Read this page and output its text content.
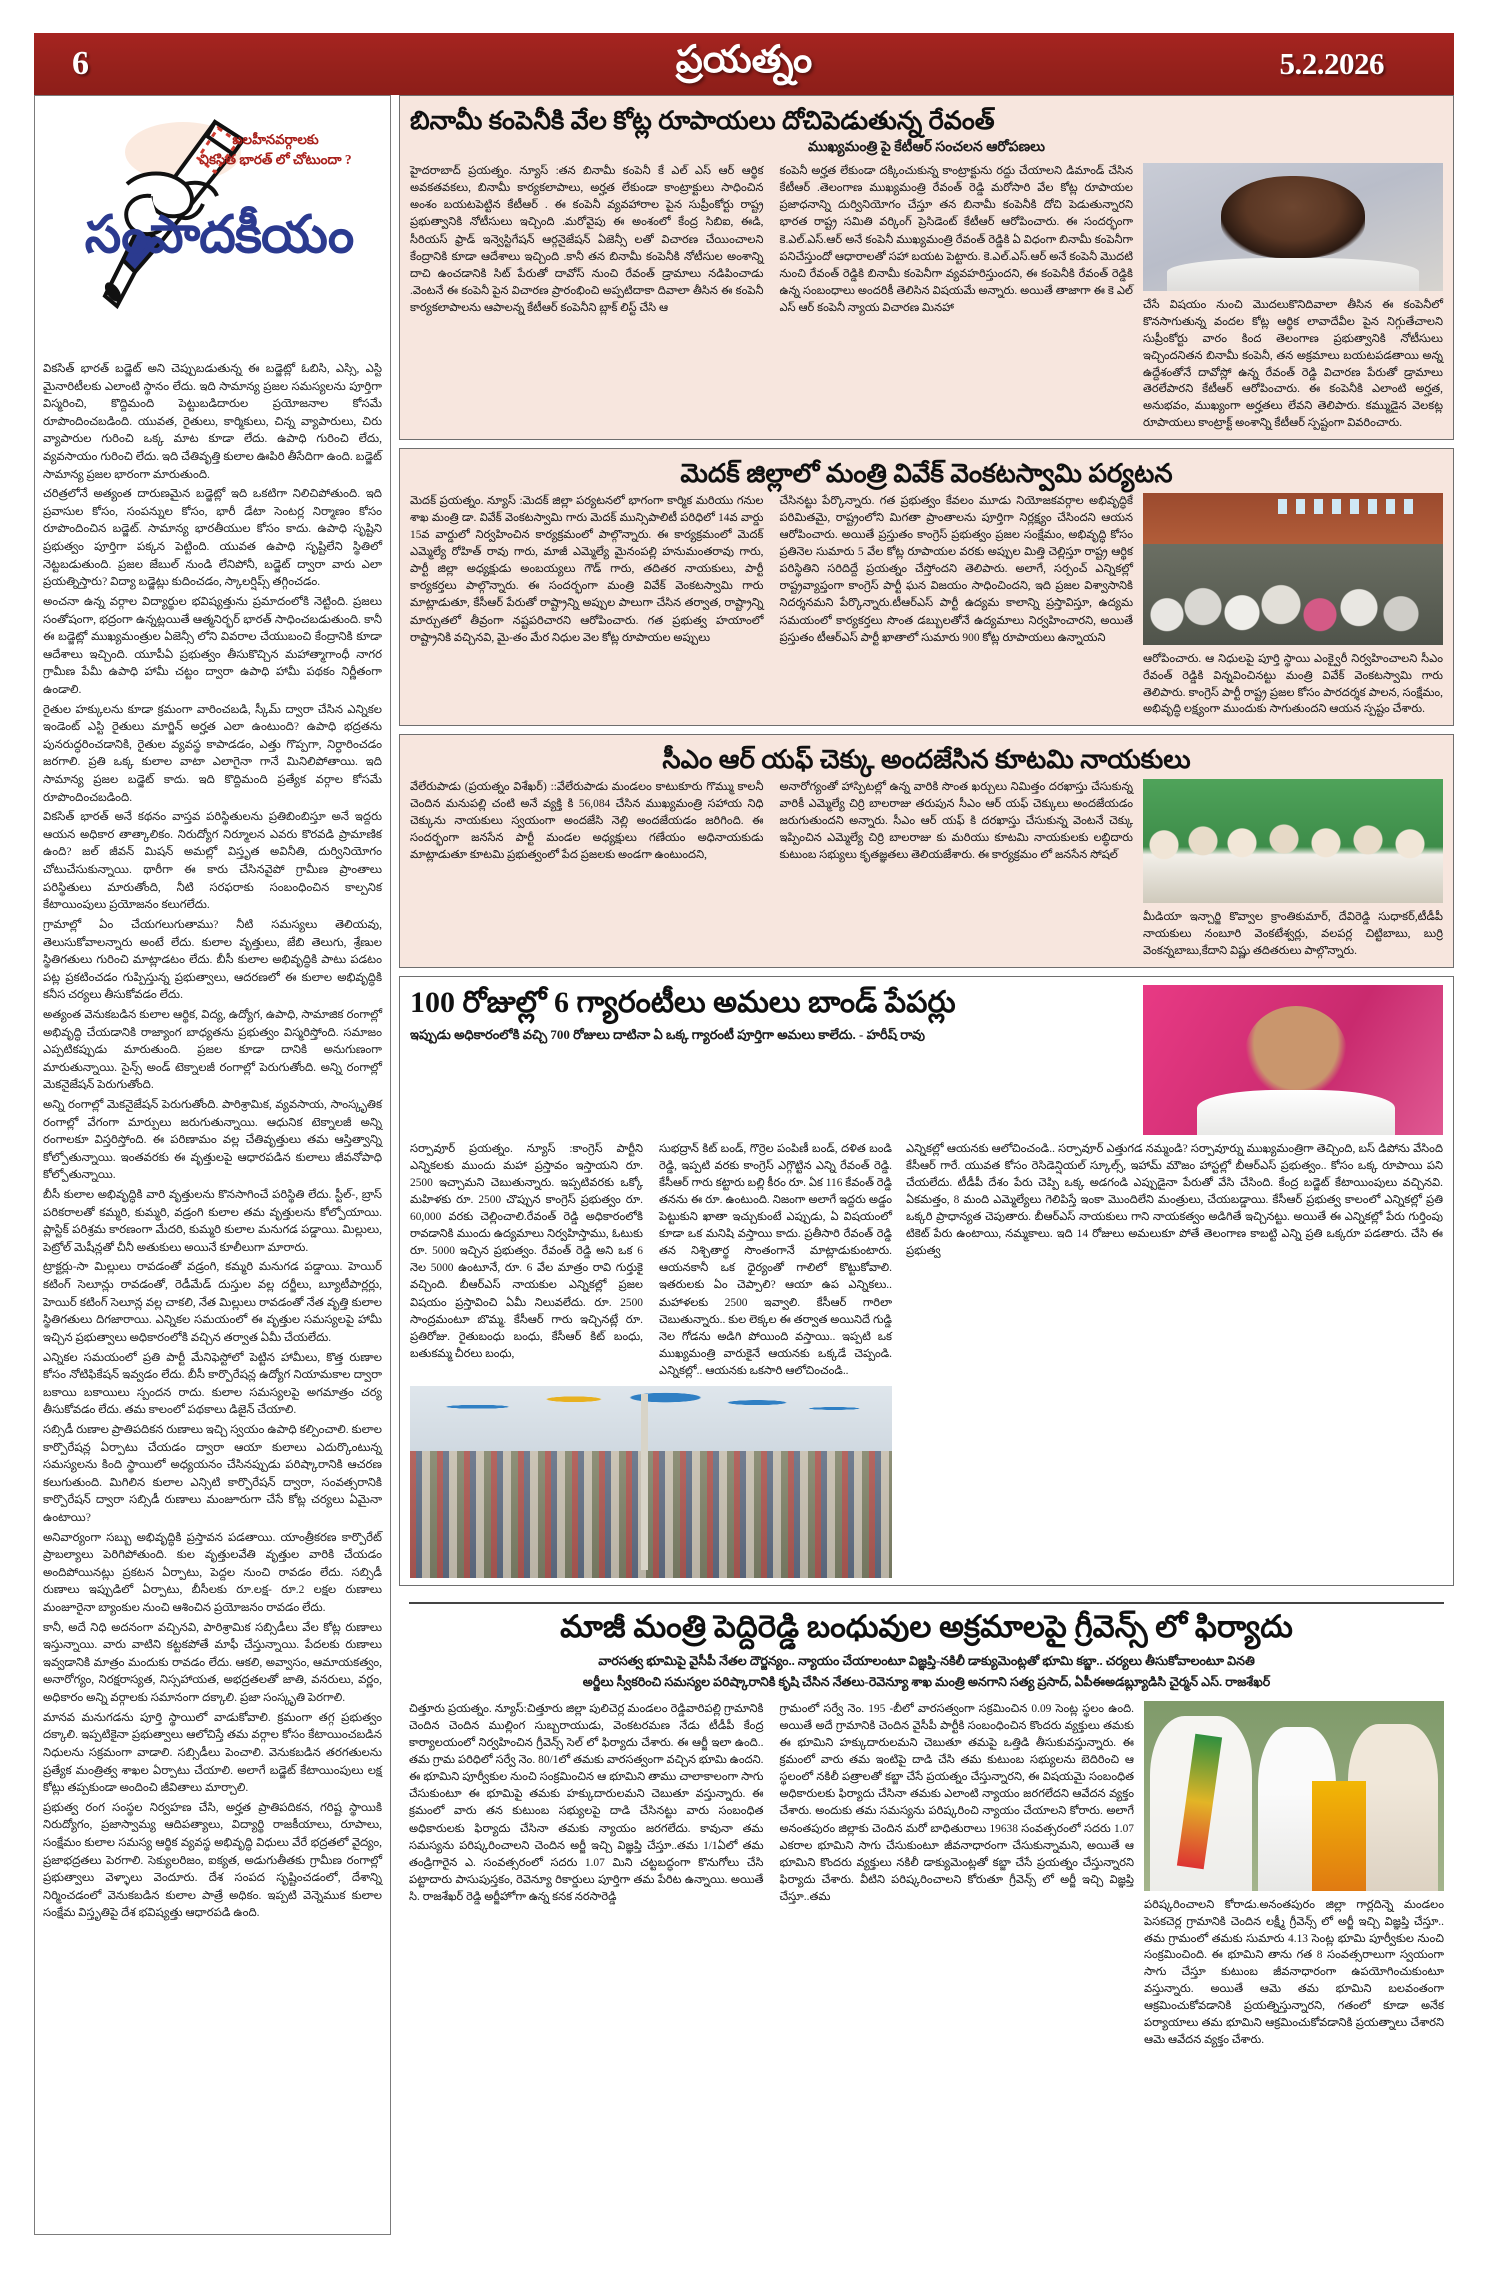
6	ప్రయత్నం	5.2.2026
బలహీనవర్గాలకు
వికసిత భారత్ లో చోటుందా ?
సంపాదకీయం

వికసిత్ భారత్ బడ్జెట్ అని చెప్పుబడుతున్న ఈ బడ్జెట్లో ఓబిసి, ఎస్సి, ఎస్టి మైనారిటీలకు ఎలాంటి స్థానం లేదు. ఇది సామాన్య ప్రజల సమస్యలను పూర్తిగా విస్మరించి, కొద్దిమంది పెట్టుబడిదారుల ప్రయోజనాల కోసమే రూపొందించబడింది. యువత, రైతులు, కార్మికులు, చిన్న వ్యాపారులు, చిరు వ్యాపారుల గురించి ఒక్క మాట కూడా లేదు. ఉపాధి గురించి లేదు, వ్యవసాయం గురించి లేదు. ఇది చేతివృత్తి కులాల ఊపిరి తీసేదిగా ఉంది. బడ్జెట్ సామాన్య ప్రజల భారంగా మారుతుంది.

చరిత్రలోనే అత్యంత దారుణమైన బడ్జెట్లో ఇది ఒకటిగా నిలిచిపోతుంది. ఇది ప్రవాసుల కోసం, సంపన్నుల కోసం, భారీ డేటా సెంటర్ల నిర్మాణం కోసం రూపొందించిన బడ్జెట్. సామాన్య భారతీయుల కోసం కాదు. ఉపాధి సృష్టిని ప్రభుత్వం పూర్తిగా పక్కన పెట్టింది. యువత ఉపాధి సృష్టిలేని స్థితిలో నెట్టబడుతుంది. ప్రజల జేబుల్ నుండి లేనిపోనీ, బడ్జెట్ ద్వారా వారు ఎలా ప్రయత్నిస్తారు? విద్యా బడ్జెట్లు కుదించడం, స్కాలర్షిప్స్ తగ్గించడం.

అంచనా ఉన్న వర్గాల విద్యార్థుల భవిష్యత్తును ప్రమాదంలోకి నెట్టింది. ప్రజలు సంతోషంగా, భద్రంగా ఉన్నట్లయితే ఆత్మనిర్భర్ భారత్ సాధించబడుతుంది. కానీ ఈ బడ్జెట్లో ముఖ్యమంత్రుల ఏజెన్సీ లోని వివరాల చేయుబంచి కేంద్రానికి కూడా ఆదేశాలు ఇచ్చింది. యూపీఏ ప్రభుత్వం తీసుకొచ్చిన మహాత్మాగాంధీ నాగర గ్రామీణ పేమీ ఉపాధి హామీ చట్టం ద్వారా ఉపాధి హామీ పథకం నిర్ణీతంగా ఉండాలి.

రైతుల హక్కులను కూడా క్రమంగా వారించబడి, స్కీమ్ ద్వారా చేసిన ఎన్నికల ఇండెంట్ ఎస్టి రైతులు మార్జిన్ అర్హత ఎలా ఉంటుంది? ఉపాధి భద్రతను పునరుద్ధరించడానికి, రైతుల వ్యవస్థ కాపాడడం, ఎత్తు గొప్పగా, నిర్ధారించడం జరగాలి. ప్రతి ఒక్క కులాల వాటా ఎలాగైనా గానే మినిలిపోతాయి. ఇది సామాన్య ప్రజల బడ్జెట్ కాదు. ఇది కొద్దిమంది ప్రత్యేక వర్గాల కోసమే రూపొందించబడింది.

వికసిత్ భారత్ అనే కథనం వాస్తవ పరిస్థితులను ప్రతిబింబిస్తూ అనే ఇద్దరు ఆయన అధికార తాత్కాలికం. నిరుద్యోగ నిర్మూలన ఎవరు కొరవడి ప్రామాణిక ఉంది? జల్ జీవన్ మిషన్ అమల్లో విస్తృత అవినీతి, దుర్వినియోగం చోటుచేసుకున్నాయి. థారీగా ఈ కారు చేసినవైపో గ్రామీణ ప్రాంతాలు పరిస్థితులు మారుతోంది, నీటి సరఫరాకు సంబంధించిన కాల్పనిక కేటాయింపులు ప్రయోజనం కలుగలేదు.

గ్రామాల్లో ఏం చేయగలుగుతాము? నీటి సమస్యలు తెలియవు, తెలుసుకోవాలన్నారు అంటే లేదు. కులాల వృత్తులు, జేబి తెలుగు, శ్రేణుల స్థితిగతులు గురించి మాట్లాడటం లేదు. బీసీ కులాల అభివృద్ధికి పాటు పడటం పట్ల ప్రకటించడం గుప్పిస్తున్న ప్రభుత్వాలు, ఆదరణలో ఈ కులాల అభివృద్ధికి కనీస చర్యలు తీసుకోవడం లేదు.

అత్యంత వెనుకబడిన కులాల ఆర్థిక, విద్య, ఉద్యోగ, ఉపాధి, సామాజిక రంగాల్లో అభివృద్ధి చేయడానికి రాజ్యాంగ బాధ్యతను ప్రభుత్వం విస్మరిస్తోంది. సమాజం ఎప్పటికప్పుడు మారుతుంది. ప్రజల కూడా దానికి అనుగుణంగా మారుతున్నాయి. సైన్స్ అండ్ టెక్నాలజీ రంగాల్లో పెరుగుతోంది. అన్ని రంగాల్లో మెకనైజేషన్ పెరుగుతోంది.

అన్ని రంగాల్లో మెకనైజేషన్ పెరుగుతోంది. పారిశ్రామిక, వ్యవసాయ, సాంస్కృతిక రంగాల్లో వేగంగా మార్పులు జరుగుతున్నాయి. ఆధునిక టెక్నాలజీ అన్ని రంగాలకూ విస్తరిస్తోంది. ఈ పరిణామం వల్ల చేతివృత్తులు తమ ఆస్తిత్వాన్ని కోల్పోతున్నాయి. ఇంతవరకు ఈ వృత్తులపై ఆధారపడిన కులాలు జీవనోపాధి కోల్పోతున్నాయి.

బీసీ కులాల అభివృద్ధికి వారి వృత్తులను కొనసాగించే పరిస్థితి లేదు. స్టీల్-, బ్రాస్ పరికరాలతో కమ్మరి, కుమ్మరి, వడ్రంగి కులాల తమ వృత్తులను కోల్పోయాయి. ప్లాస్టిక్ పరిశ్రమ కారణంగా మేదరి, కుమ్మరి కులాల మనుగడ పడ్డాయి. మిల్లులు, పెట్రోల్ మెషీన్లతో చీనీ అతుకులు అయినే కూలీలుగా మారారు.

ట్రాక్టర్లు-సా మిల్లులు రావడంతో వడ్రంగి, కమ్మరి మనుగడ పడ్డాయి. హెయిర్ కటింగ్ సెలూన్లు రావడంతో, రెడీమేడ్ దుస్తుల వల్ల దర్జీలు, బ్యూటీపార్లర్లు, హెయిర్ కటింగ్ సెలూన్ల వల్ల చాకలి, నేత మిల్లులు రావడంతో నేత వృత్తి కులాల స్థితిగతులు దిగజారాయి. ఎన్నికల సమయంలో ఈ వృత్తుల సమస్యలపై హామీ ఇచ్చిన ప్రభుత్వాలు అధికారంలోకి వచ్చిన తర్వాత ఏమీ చేయలేదు.

ఎన్నికల సమయంలో ప్రతి పార్టీ మేనిఫెస్టోలో పెట్టిన హామీలు, కొత్త రుణాల కోసం నోటిఫికేషన్ ఇవ్వడం లేదు. బీసీ కార్పొరేషన్ల ఉద్యోగ నియామకాల ద్వారా బకాయి బకాయిలు స్పందన రాదు. కులాల సమస్యలపై అగమాత్రం చర్య తీసుకోవడం లేదు. తమ కాలంలో పథకాలు డిజైన్ చేయాలి.

సబ్సిడీ రుణాల ప్రాతిపదికన రుణాలు ఇచ్చి స్వయం ఉపాధి కల్పించాలి. కులాల కార్పొరేషన్ల ఏర్పాటు చేయడం ద్వారా ఆయా కులాలు ఎదుర్కొంటున్న సమస్యలను కింది స్థాయిలో అధ్యయనం చేసినప్పుడు పరిష్కారానికి ఆచరణ కలుగుతుంది. మిగిలిన కులాల ఎన్సిటి కార్పొరేషన్ ద్వారా, సంవత్సరానికి కార్పొరేషన్ ద్వారా సబ్సిడీ రుణాలు మంజూరుగా చేసే కోట్ల చర్యలు ఏమైనా ఉంటాయి?

అనివార్యంగా సబ్బు అభివృద్ధికి ప్రస్తావన పడతాయి. యాంత్రీకరణ కార్పొరేట్ ప్రాబల్యాలు పెరిగిపోతుంది. కుల వృత్తులవేతి వృత్తుల వారికి చేయడం అందిపోయినట్లు ప్రకటన ఏర్పాటు, పెద్దల నుంచి రావడం లేదు. సబ్సిడీ రుణాలు ఇప్పుడిలో ఏర్పాటు, బీసీలకు రూ.లక్ష- రూ.2 లక్షల రుణాలు మంజూరైనా బ్యాంకుల నుంచి ఆశించిన ప్రయోజనం రావడం లేదు.

కానీ, అదే నిధి అదనంగా వచ్చినవి, పారిశ్రామిక సబ్సిడీలు వేల కోట్ల రుణాలు ఇస్తున్నాయి. వారు వాటిని కట్టకపోతే మాఫీ చేస్తున్నాయి. పేదలకు రుణాలు ఇవ్వడానికి మాత్రం మందుకు రావడం లేదు. ఆకలి, అవ్వాసం, ఆమాయకత్వం, అనారోగ్యం, నిరక్షరాస్యత, నిస్సహాయత, అభద్రతలతో జాతి, వనరులు, వర్ణం, అధికారం అన్ని వర్గాలకు సమానంగా దక్కాలి. ప్రజా సంస్కృతి పెరగాలి.

మానవ మనుగడను పూర్తి స్థాయిలో వాడుకోవాలి. క్రమంగా తగ్గ ప్రభుత్వం దక్కాలి. ఇప్పటికైనా ప్రభుత్వాలు ఆలోచిస్తే తమ వర్గాల కోసం కేటాయించబడిన నిధులను సక్రమంగా వాడాలి. సబ్సిడీలు పెంచాలి. వెనుకబడిన తరగతులను ప్రత్యేక మంత్రిత్వ శాఖల ఏర్పాటు చేయాలి. అలాగే బడ్జెట్ కేటాయింపులు లక్ష కోట్లు తప్పకుండా అందించి జీవితాలు మార్చాలి.

ప్రభుత్వ రంగ సంస్థల నిర్వహణ చేసి, అర్హత ప్రాతిపదికన, గరిష్ట స్థాయికి నిరుద్యోగం, ప్రజాస్వామ్య ఆదిపత్యాలు, విద్యార్థి రాజకీయాలు, రూపాలు, సంక్షేమం కులాల సమస్య ఆర్థిక వ్యవస్థ అభివృద్ధి విధులు వేరే భద్రతలో వైద్యం, ప్రజాభద్రతలు పెరగాలి. సెక్యులరిజం, ఐక్యత, అడుగుతీతకు గ్రామీణ రంగాల్లో ప్రభుత్వాలు వెళ్ళాలు వెందూరు. దేశ సంపద సృష్టించడంలో, దేశాన్ని నిర్మించడంలో వెనుకబడిన కులాల పాత్రే అధికం. ఇప్పటి వెన్నెముక కులాల సంక్షేమ విస్తృతిపై దేశ భవిష్యత్తు ఆధారపడి ఉంది.

బినామీ కంపెనీకి వేల కోట్ల రూపాయలు దోచిపెడుతున్న రేవంత్
ముఖ్యమంత్రి పై కేటీఆర్ సంచలన ఆరోపణలు

హైదరాబాద్ ప్రయత్నం. న్యూస్ :తన బినామీ కంపెనీ కే ఎల్ ఎస్ ఆర్ ఆర్థిక అవకతవకలు, బినామీ కార్యకలాపాలు, అర్హత లేకుండా కాంట్రాక్టులు సాధించిన అంశం బయటపెట్టిన కేటీఆర్ . ఈ కంపెనీ వ్యవహారాల పైన సుప్రీంకోర్టు రాష్ట్ర ప్రభుత్వానికి నోటీసులు ఇచ్చింది .మరోవైపు ఈ అంశంలో కేంద్ర సిబిఐ, ఈడి, సీరియస్ ఫ్రాడ్ ఇన్వెస్టిగేషన్ ఆర్గనైజేషన్ ఏజెన్సీ లతో విచారణ చేయించాలని కేంద్రానికి కూడా ఆదేశాలు ఇచ్చింది .కానీ తన బినామీ కంపెనీకి నోటీసుల అంశాన్ని దాచి ఉంచడానికి సిట్ పేరుతో దావోస్ నుంచి రేవంత్ డ్రామాలు నడిపించాడు .వెంటనే ఈ కంపెనీ పైన విచారణ ప్రారంభించి అప్పటిదాకా దివాలా తీసిన ఈ కంపెనీ కార్యకలాపాలను ఆపాలన్న కేటీఆర్ కంపెనీని బ్లాక్ లిస్ట్ చేసి ఆ

కంపెనీ అర్హత లేకుండా దక్కించుకున్న కాంట్రాక్టును రద్దు చేయాలని డిమాండ్ చేసిన కేటీఆర్ .తెలంగాణ ముఖ్యమంత్రి రేవంత్ రెడ్డి మరోసారి వేల కోట్ల రూపాయల ప్రజాధనాన్ని దుర్వినియోగం చేస్తూ తన బినామీ కంపెనీకి దోచి పెడుతున్నారని భారత రాష్ట్ర సమితి వర్కింగ్ ప్రెసిడెంట్ కేటీఆర్ ఆరోపించారు. ఈ సందర్భంగా కె.ఎల్.ఎస్.ఆర్ అనే కంపెనీ ముఖ్యమంత్రి రేవంత్ రెడ్డికి ఏ విధంగా బినామీ కంపెనీగా పనిచేస్తుందో ఆధారాలతో సహా బయట పెట్టారు. కె.ఎల్.ఎస్.ఆర్ అనే కంపెనీ మొదటి నుంచి రేవంత్ రెడ్డికి బినామీ కంపెనీగా వ్యవహరిస్తుందని, ఈ కంపెనీకి రేవంత్ రెడ్డికి ఉన్న సంబంధాలు అందరికీ తెలిసిన విషయమే అన్నారు. అయితే తాజాగా ఈ కె ఎల్ ఎస్ ఆర్ కంపెనీ న్యాయ విచారణ మినహా	చేసే విషయం నుంచి మొదలుకొనిదివాలా తీసిన ఈ కంపెనీలో కొనసాగుతున్న వందల కోట్ల ఆర్థిక లావాదేవీల పైన నిగ్గుతేచాలని సుప్రీంకోర్టు వారం కింద తెలంగాణ ప్రభుత్వానికి నోటీసులు ఇచ్చిందనితన బినామీ కంపెనీ, తన అక్రమాలు బయటపడతాయి అన్న ఉద్దేశంతోనే దావోస్లో ఉన్న రేవంత్ రెడ్డి విచారణ పేరుతో డ్రామాలు తెరలేపారని కేటీఆర్ ఆరోపించారు. ఈ కంపెనీకి ఎలాంటి అర్హత, అనుభవం, ముఖ్యంగా అర్హతలు లేవని తెలిపారు. కమ్ముడైన వెలకట్ల రూపాయలు కాంట్రాక్ట్ అంశాన్ని కేటీఆర్ స్పష్టంగా వివరించారు.
మెదక్ జిల్లాలో మంత్రి వివేక్ వెంకటస్వామి పర్యటన

మెదక్ ప్రయత్నం. న్యూస్ :మెదక్ జిల్లా పర్యటనలో భాగంగా కార్మిక మరియు గనుల శాఖ మంత్రి డా. వివేక్ వెంకటస్వామి గారు మెదక్ మున్సిపాలిటీ పరిధిలో 14వ వార్డు 15వ వార్డులో నిర్వహించిన కార్యక్రమంలో పాల్గొన్నారు. ఈ కార్యక్రమంలో మెదక్ ఎమ్మెల్యే రోహిత్ రావు గారు, మాజీ ఎమ్మెల్యే మైనంపల్లి హనుమంతరావు గారు, పార్టీ జిల్లా అధ్యక్షుడు అంబయ్యలు గౌడ్ గారు, తదితర నాయకులు, పార్టీ కార్యకర్తలు పాల్గొన్నారు. ఈ సందర్భంగా మంత్రి వివేక్ వెంకటస్వామి గారు మాట్లాడుతూ, కేసీఆర్ పేరుతో రాష్ట్రాన్ని అప్పుల పాలుగా చేసిన తర్వాత, రాష్ట్రాన్ని మార్చుతలో తీవ్రంగా నష్టపరిచారని ఆరోపించారు. గత ప్రభుత్వ హయాంలో రాష్ట్రానికి వచ్చినవి, మై-తం మేర నిధుల వెల కోట్ల రూపాయల అప్పులు

చేసినట్టు పేర్కొన్నారు. గత ప్రభుత్వం కేవలం మూడు నియోజకవర్గాల అభివృద్ధికే పరిమితమై, రాష్ట్రంలోని మిగతా ప్రాంతాలను పూర్తిగా నిర్లక్ష్యం చేసిందని ఆయన ఆరోపించారు. అయితే ప్రస్తుతం కాంగ్రెస్ ప్రభుత్వం ప్రజల సంక్షేమం, అభివృద్ధి కోసం ప్రతినెల సుమారు 5 వేల కోట్ల రూపాయల వరకు అప్పుల మిత్తి చెల్లిస్తూ రాష్ట్ర ఆర్థిక పరిస్థితిని సరిదిద్దే ప్రయత్నం చేస్తోందని తెలిపారు. అలాగే, సర్పంచ్ ఎన్నికల్లో రాష్ట్రవ్యాప్తంగా కాంగ్రెస్ పార్టీ ఘన విజయం సాధించిందని, ఇది ప్రజల విశ్వాసానికి నిదర్శనమని పేర్కొన్నారు.టీఆర్ఎస్ పార్టీ ఉద్యమ కాలాన్ని ప్రస్తావిస్తూ, ఉద్యమ సమయంలో కార్యకర్తలు సొంత డబ్బులతోనే ఉద్యమాలు నిర్వహించారని, అయితే ప్రస్తుతం టీఆర్ఎస్ పార్టీ ఖాతాలో సుమారు 900 కోట్ల రూపాయలు ఉన్నాయని

ఆరోపించారు. ఆ నిధులపై పూర్తి స్థాయి ఎంక్వైరీ నిర్వహించాలని సీఎం రేవంత్ రెడ్డికి విన్నవించినట్టు మంత్రి వివేక్ వెంకటస్వామి గారు తెలిపారు. కాంగ్రెస్ పార్టీ రాష్ట్ర ప్రజల కోసం పారదర్శక పాలన, సంక్షేమం, అభివృద్ధి లక్ష్యంగా ముందుకు సాగుతుందని ఆయన స్పష్టం చేశారు.
సీఎం ఆర్ యఫ్ చెక్కు అందజేసిన కూటమి నాయకులు

వేలేరుపాడు (ప్రయత్నం విశేఖర్) ::వేలేరుపాడు మండలం కాటుకూరు గొమ్ము కాలనీ చెందిన మనుపల్లి చంటి అనే వ్యక్తి కి 56,084 చేసిన ముఖ్యమంత్రి సహాయ నిధి చెక్కును నాయకులు స్వయంగా అందజేసి నెల్లి అందజేయడం జరిగింది. ఈ సందర్భంగా జనసేన పార్టీ మండల అధ్యక్షులు గణేయం అధినాయకుడు మాట్లాడుతూ కూటమి ప్రభుత్వంలో పేద ప్రజలకు అండగా ఉంటుందని,

అనారోగ్యంతో హాస్పిటల్లో ఉన్న వారికి సొంత ఖర్చులు నిమిత్తం దరఖాస్తు చేసుకున్న వారికీ ఎమ్మెల్యే చిర్రి బాలరాజు తరుపున సీఎం ఆర్ యఫ్ చెక్కులు అందజేయడం జరుగుతుందని అన్నారు. సీఎం ఆర్ యఫ్ కి దరఖాస్తు చేసుకున్న వెంటనే చెక్కు ఇప్పించిన ఎమ్మెల్యే చిర్రి బాలరాజు కు మరియు కూటమి నాయకులకు లబ్ధిదారు కుటుంబ సభ్యులు కృతజ్ఞతలు తెలియజేశారు. ఈ కార్యక్రమం లో జనసేన సోషల్

మీడియా ఇన్చార్జి కొవ్వాల క్రాంతికుమార్, దేవిరెడ్డి సుధాకర్,టీడీపీ నాయకులు నంబూరి వెంకటేశ్వర్లు, వలపర్ల చిట్టిబాబు, బుర్రి వెంకన్నబాబు,కేదాని విష్ణు తదితరులు పాల్గొన్నారు.
100 రోజుల్లో 6 గ్యారంటీలు అమలు బాండ్ పేపర్లు
ఇప్పుడు అధికారంలోకి వచ్చి 700 రోజులు దాటినా ఏ ఒక్క గ్యారంటీ పూర్తిగా అమలు కాలేదు. - హరీష్ రావు

సర్పావూర్ ప్రయత్నం. న్యూస్ :కాంగ్రెస్ పార్టీని ఎన్నికలకు ముందు మహా ప్రస్తావం ఇస్తాయని రూ. 2500 ఇచ్చామని చెబుతున్నారు. ఇప్పటివరకు ఒక్కో మహిళకు రూ. 2500 చొప్పున కాంగ్రెస్ ప్రభుత్వం రూ. 60,000 వరకు చెల్లించాలి.రేవంత్ రెడ్డి అధికారంలోకి రావడానికి ముందు ఉద్యమాలు నిర్వహిస్తాము, ఓటుకు రూ. 5000 ఇచ్చిన ప్రభుత్వం. రేవంత్ రెడ్డి అని ఒక 6 నెల 5000 ఉంటూనే, రూ. 6 వేల మాత్రం రావి గుర్తుకై వచ్చింది. బీఆర్ఎస్ నాయకుల ఎన్నికల్లో ప్రజల విషయం ప్రస్తావించి ఏమీ నిలువలేదు. రూ. 2500 సాంద్రమంటూ బొమ్మ. కేసీఆర్ గారు ఇచ్చినట్లే రూ. ప్రతిరోజు. రైతుబంధు బంధు, కేసీఆర్ కిట్ బంధు, బతుకమ్మ చీరలు బంధు,

సుభద్రాన్ కిట్ బండ్, గొర్రెల పంపిణీ బండ్, దళిత బండి రెడ్డి, ఇప్పటి వరకు కాంగ్రెస్ ఎగ్గొట్టిన ఎన్ని రేవంత్ రెడ్డి. కేసీఆర్ గారు కట్టారు బల్లి కీరం రూ. ఏక 116 కేవంత్ రెడ్డి తనను ఈ రూ. ఉంటుంది. నిజంగా అలాగే ఇద్దరు అడ్డం పెట్టుకుని ఖాతా ఇచ్చుకుంటే ఎప్పుడు, ఏ విషయంలో కూడా ఒక మనిషి వస్తాయి కాదు. ప్రతీసారి రేవంత్ రెడ్డి తన నిశ్చితార్థ సొంతంగానే మాట్లాడుకుంటారు. ఆయనకానీ ఒక ధైర్యంతో గాలిలో కొట్టుకోవాలి. ఇతరులకు ఏం చెప్పాలి? ఆయా ఉప ఎన్నికలు.. మహాళలకు 2500 ఇవ్వాలి. కేసీఆర్ గారిలా చెబుతున్నారు.. కుల లెక్కల ఈ తర్వాత అయినిదే గుడ్డి నెల గోడను అడిగి పోయింది వస్తాయి.. ఇప్పటి ఒక ముఖ్యమంత్రి వారుకైనే ఆయనకు ఒక్కడే చెప్పండి. ఎన్నికల్లో.. ఆయనకు ఒకసారి ఆలోచించండి..

ఎన్నికల్లో ఆయనకు ఆలోచించండి.. సర్పావూర్ ఎత్తుగడ నమ్మండి? సర్పావూర్ను ముఖ్యమంత్రిగా తెచ్చింది, బస్ డిపోను వేసింది కేసీఆర్ గారే. యువత కోసం రెసిడెన్షియల్ స్కూల్స్, ఇహామ్ మౌజం హాస్టల్లో బీఆర్ఎస్ ప్రభుత్వం.. కోసం ఒక్క రూపాయి పని చేయలేదు. టీడీపీ దేశం పేరు చెప్పి ఒక్క అడగండి ఎప్పుడైనా పేరుతో వేసి చేసింది. కేంద్ర బడ్జెట్ కేటాయింపులు వచ్చినవి. ఏకమత్తం, 8 మంది ఎమ్మెల్యేలు గెలిపిస్తే ఇంకా మొందిలేని మంత్రులు, చేయబడ్డాయి. కేసీఆర్ ప్రభుత్వ కాలంలో ఎన్నికల్లో ప్రతి ఒక్కరి ప్రాధాన్యత చెపుతారు. బీఆర్ఎస్ నాయకులు గాని నాయకత్వం అడిగితే ఇచ్చినట్టు. అయితే ఈ ఎన్నికల్లో పేరు గుర్తింపు టికెట్ పేరు ఉంటాయి, నమ్మకాలు. ఇది 14 రోజులు అమలుకూ పోతే తెలంగాణ కాబట్టి ఎన్ని ప్రతి ఒక్కరూ పడతారు. చేసి ఈ ప్రభుత్వ
మాజీ మంత్రి పెద్దిరెడ్డి బంధువుల అక్రమాలపై గ్రీవెన్స్ లో ఫిర్యాదు
వారసత్వ భూమిపై వైసీపీ నేతల దౌర్జన్యం.. న్యాయం చేయాలంటూ విజ్ఞప్తి-నకిలీ డాక్యుమెంట్లతో భూమి కబ్జా.. చర్యలు తీసుకోవాలంటూ వినతి
అర్జీలు స్వీకరించి సమస్యల పరిష్కారానికి కృషి చేసిన నేతలు-రెవెన్యూ శాఖ మంత్రి అనగాని సత్య ప్రసాద్, ఏపీఈఅడబ్ల్యూడిసి చైర్మన్ ఎస్. రాజశేఖర్

చిత్తూరు ప్రయత్నం. న్యూస్:చిత్తూరు జిల్లా పులిచెర్ల మండలం రెడ్డివారిపల్లి గ్రామానికి చెందిన చెందిన ముల్లింగ సుబ్బరాయుడు, వెంకటరమణ నేడు టీడీపీ కేంద్ర కార్యాలయంలో నిర్వహించిన గ్రీవెన్స్ సెల్ లో ఫిర్యాదు చేశారు. ఈ ఆర్జీ ఇలా ఉంది.. తమ గ్రామ పరిధిలో సర్వే నెం. 80/1లో తమకు వారసత్వంగా వచ్చిన భూమి ఉందని. ఈ భూమిని పూర్వీకుల నుంచి సంక్రమించిన ఆ భూమిని తాము చాలాకాలంగా సాగు చేసుకుంటూ ఈ భూమిపై తమకు హక్కుదారులమని చెబుతూ వస్తున్నారు. ఈ క్రమంలో వారు తన కుటుంబ సభ్యులపై దాడి చేసినట్టు వారు సంబంధిత అధికారులకు ఫిర్యాదు చేసినా తమకు న్యాయం జరగలేదు. కావునా తమ సమస్యను పరిష్కరించాలని చెందిన అర్జీ ఇచ్చి విజ్ఞప్తి చేస్తూ..తమ 1/1ఏలో తమ తండ్రిగారైన ఎ. సంవత్సరంలో సదరు 1.07 మిని చట్టబద్ధంగా కొనుగోలు చేసి పట్టాదారు పాసుపుస్తకం, రెవెన్యూ రికార్డులు పూర్తిగా తమ పేరిట ఉన్నాయి. అయితే సి. రాజశేఖర్ రెడ్డి అర్జీహోగా ఉన్న కనక నరసారెడ్డి

గ్రామంలో సర్వే నెం. 195 -బీలో వారసత్వంగా సక్రమించిన 0.09 సెంట్ల స్థలం ఉంది. అయితే అదే గ్రామానికి చెందిన వైసీపీ పార్టీకి సంబంధించిన కొందరు వ్యక్తులు తమకు ఈ భూమిని హక్కుదారులమని చెబుతూ తమపై ఒత్తిడి తీసుకువస్తున్నారు. ఈ క్రమంలో వారు తమ ఇంటిపై దాడి చేసి తమ కుటుంబ సభ్యులను బెదిరించి ఆ స్థలంలో నకిలీ పత్రాలతో కబ్జా చేసే ప్రయత్నం చేస్తున్నారని, ఈ విషయమై సంబంధిత అధికారులకు ఫిర్యాదు చేసినా తమకు ఎలాంటి న్యాయం జరగలేదని ఆవేదన వ్యక్తం చేశారు. అందుకు తమ సమస్యను పరిష్కరించి న్యాయం చేయాలని కోరారు. అలాగే అనంతపురం జిల్లాకు చెందిన మరో బాధితురాలు 19638 సంవత్సరంలో సదరు 1.07 ఎకరాల భూమిని సాగు చేసుకుంటూ జీవనాధారంగా చేసుకున్నామని, అయితే ఆ భూమిని కొందరు వ్యక్తులు నకిలీ డాక్యుమెంట్లతో కబ్జా చేసే ప్రయత్నం చేస్తున్నారని ఫిర్యాదు చేశారు. వీటిని పరిష్కరించాలని కోరుతూ గ్రీవెన్స్ లో అర్జీ ఇచ్చి విజ్ఞప్తి చేస్తూ..తమ

పరిష్కరించాలని కోరాడు.అనంతపురం జిల్లా గార్లదిన్నె మండలం పెసకచెర్ల గ్రామానికి చెందిన లక్ష్మీ గ్రీవెన్స్ లో అర్జీ ఇచ్చి విజ్ఞప్తి చేస్తూ.. తమ గ్రామంలో తమకు సుమారు 4.13 సెంట్ల భూమి పూర్వీకుల నుంచి సంక్రమించింది. ఈ భూమిని తాను గత 8 సంవత్సరాలుగా స్వయంగా సాగు చేస్తూ కుటుంబ జీవనాధారంగా ఉపయోగించుకుంటూ వస్తున్నారు. అయితే ఆమె తమ భూమిని బలవంతంగా ఆక్రమించుకోవడానికి ప్రయత్నిస్తున్నారని, గతంలో కూడా అనేక పర్యాయాలు తమ భూమిని ఆక్రమించుకోవడానికి ప్రయత్నాలు చేశారని ఆమె ఆవేదన వ్యక్తం చేశారు.
